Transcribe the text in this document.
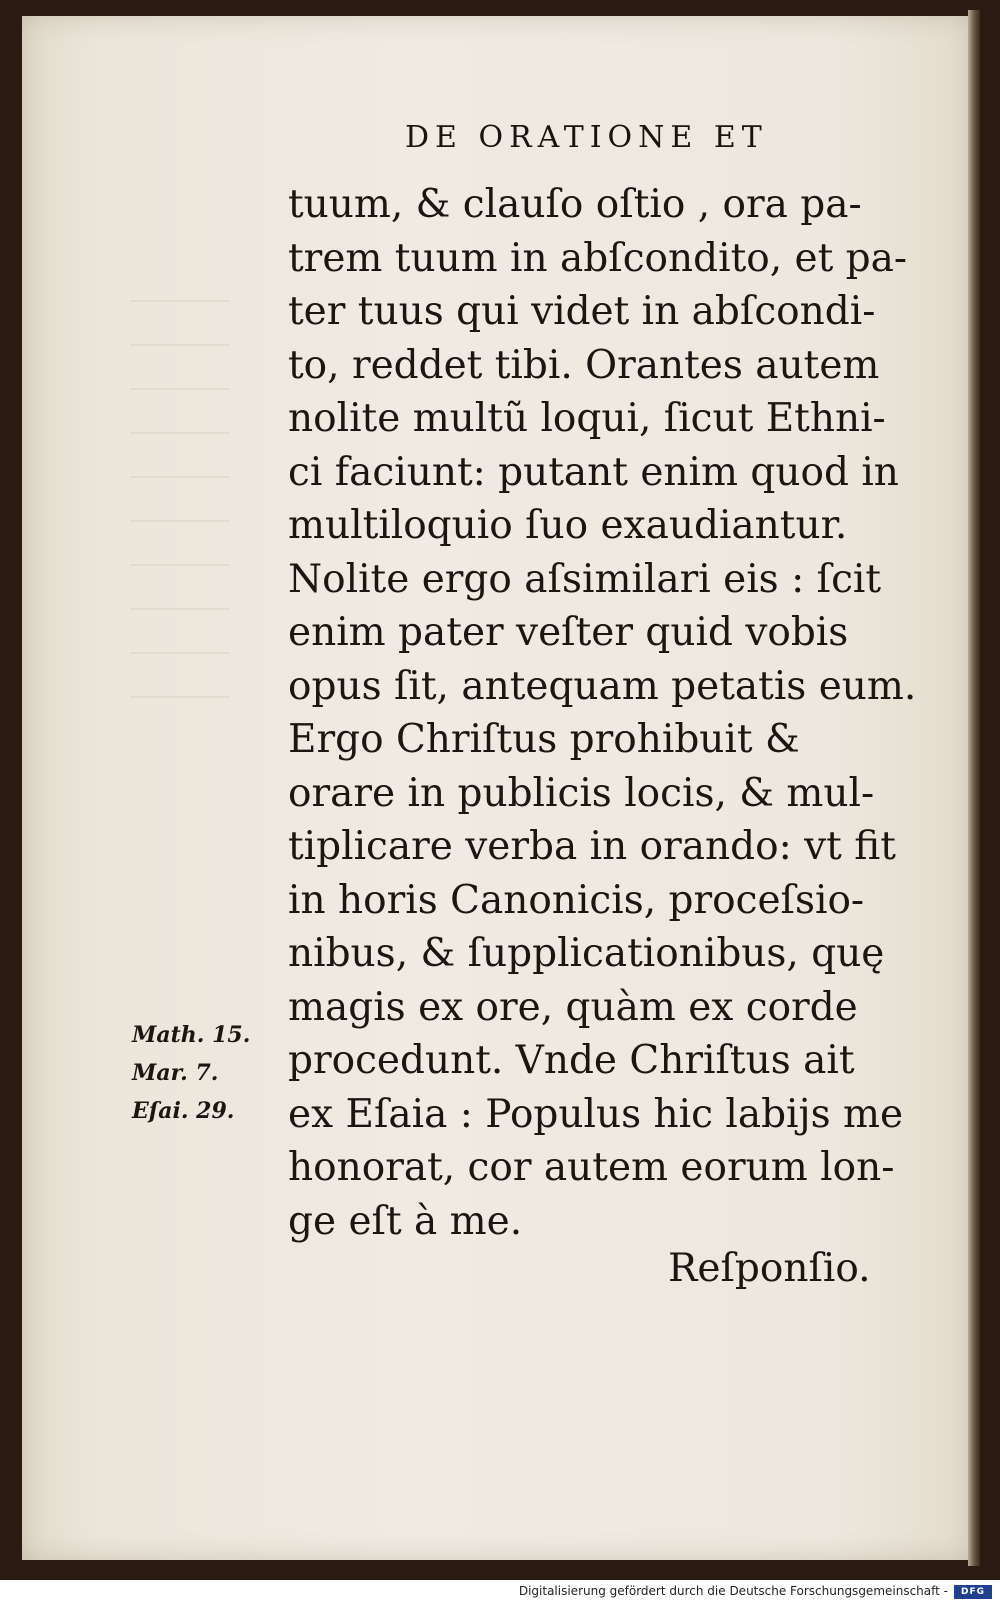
DE ORATIONE ET
tuum, & clauſo oſtio , ora pa-
trem tuum in abſcondito, et pa-
ter tuus qui videt in abſcondi-
to, reddet tibi. Orantes autem
nolite multũ loqui, ſicut Ethni-
ci faciunt: putant enim quod in
multiloquio ſuo exaudiantur.
Nolite ergo aſsimilari eis : ſcit
enim pater veſter quid vobis
opus ſit, antequam petatis eum.
Ergo Chriſtus prohibuit &
orare in publicis locis, & mul-
tiplicare verba in orando: vt fit
in horis Canonicis, proceſsio-
nibus, & ſupplicationibus, quę
magis ex ore, quàm ex corde
procedunt. Vnde Chriſtus ait
ex Eſaia : Populus hic labijs me
honorat, cor autem eorum lon-
ge eſt à me.
Reſponſio.
Math. 15.
Mar. 7.
Eſai. 29.
Digitalisierung gefördert durch die Deutsche Forschungsgemeinschaft -	DFG
